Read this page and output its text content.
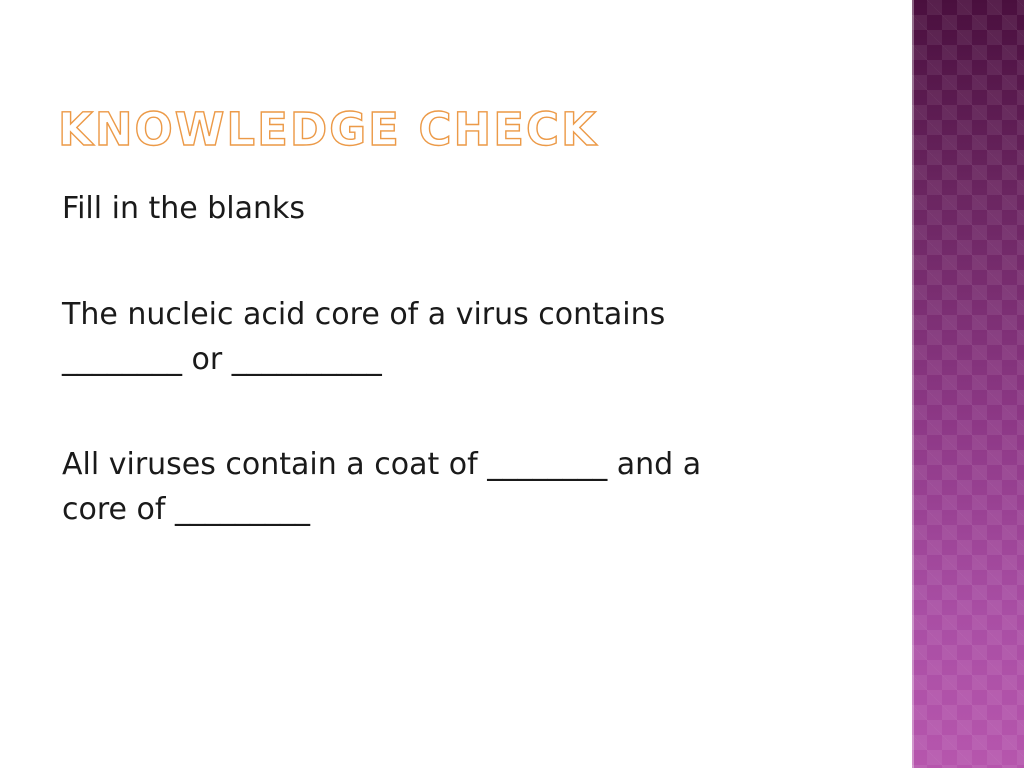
KNOWLEDGE CHECK

Fill in the blanks

The nucleic acid core of a virus contains
________ or __________

All viruses contain a coat of ________ and a
core of _________
